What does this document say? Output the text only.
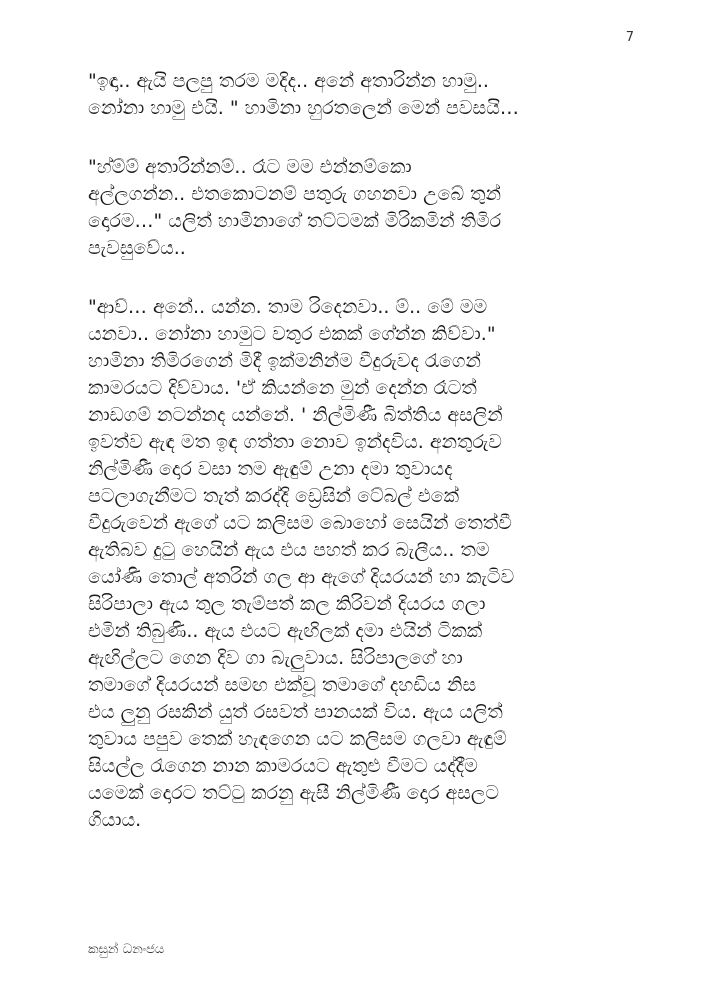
7

"ඉඳා.. ඇයි පලපු තරම මදිද.. අනේ අතාරින්න හාමු..
නෝනා හාමු එයි. " හාමිනා හුරතලෙන් මෙන් පවසයි…

"හ්ම්ම් අතාරින්නම්.. රෑට මම එන්නම්කො
අල්ලගන්න.. එතකොටනම් පතුරු ගහනවා උබේ තුන්
දොරම…" යලිත් හාමිනාගේ තට්ටමක් මිරිකමින් තිමිර
පැවසුවේය..

"ආව්… අනේ.. යන්න. තාම රිදෙනවා.. ම්.. මේ මම
යනවා.. නෝනා හාමුට වතුර එකක් ගේන්න කිව්වා."
හාමිනා තිමිරගෙන් මිදී ඉක්මනින්ම වීදුරුවද රැගෙන්
කාමරයට දිව්වාය. 'ඒ කියන්නෙ මුන් දෙන්න රෑටත්
නාඩගම් නටන්නද යන්නේ. ' නිල්මිණී බිත්තිය අසලින්
ඉවත්ව ඇඳ මත ඉඳ ගත්තා නොව ඉන්දවිය. අනතුරුව
නිල්මිණී දොර වසා තම ඇඳුම් උනා දමා තුවායද
පටලාගැනීමට තැත් කරද්දි ඩ්‍රෙසින් ටේබල් එකේ
වීදුරුවෙන් ඇගේ යට කලිසම බොහෝ සෙයින් තෙත්වී
ඇතිබව දුටු හෙයින් ඇය එය පහත් කර බැලීය.. තම
යෝණි තොල් අතරින් ගල ආ ඇගේ දියරයන් හා කැටිව
සිරිපාලා ඇය තුල තැම්පත් කල කිරිවන් දියරය ගලා
එමින් තිබුණි.. ඇය එයට ඇඟිලක් දමා එයින් ටිකක්
ඇඟිල්ලට ගෙන දිව ගා බැලුවාය. සිරිපාලගේ හා
තමාගේ දියරයන් සමඟ එක්වූ තමාගේ දහඩිය නිස
එය ලුනු රසකින් යුත් රසවත් පානයක් විය. ඇය යලිත්
තුවාය පපුව තෙක් හැඳගෙන යට කලිසම ගලවා ඇඳුම්
සියල්ල රැගෙන නාන කාමරයට ඇතුළු වීමට යද්දීම
යමෙක් දොරට තට්ටු කරනු ඇසී නිල්මිණී දොර අසලට
ගියාය.

කසුන් ධනංජය
